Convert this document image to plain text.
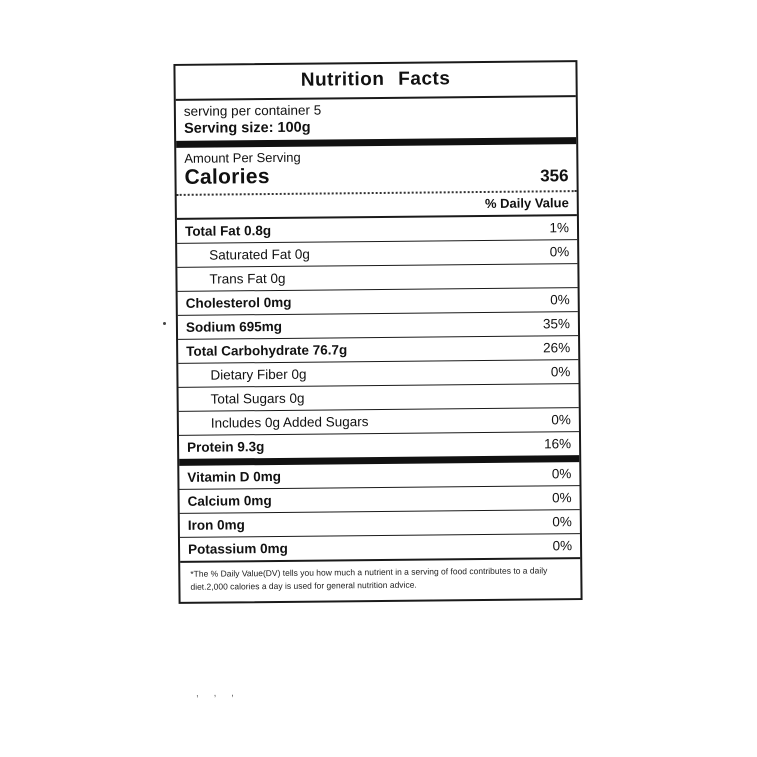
Nutrition Facts
serving per container 5
Serving size: 100g
Amount Per Serving
Calories	356
% Daily Value
Total Fat 0.8g	1%
Saturated Fat 0g	0%
Trans Fat 0g
Cholesterol 0mg	0%
Sodium 695mg	35%
Total Carbohydrate 76.7g	26%
Dietary Fiber 0g	0%
Total Sugars 0g
Includes 0g Added Sugars	0%
Protein 9.3g	16%
Vitamin D 0mg	0%
Calcium 0mg	0%
Iron 0mg	0%
Potassium 0mg	0%
*The % Daily Value(DV) tells you how much a nutrient in a serving of food contributes to a daily diet.2,000 calories a day is used for general nutrition advice.
, , ,
